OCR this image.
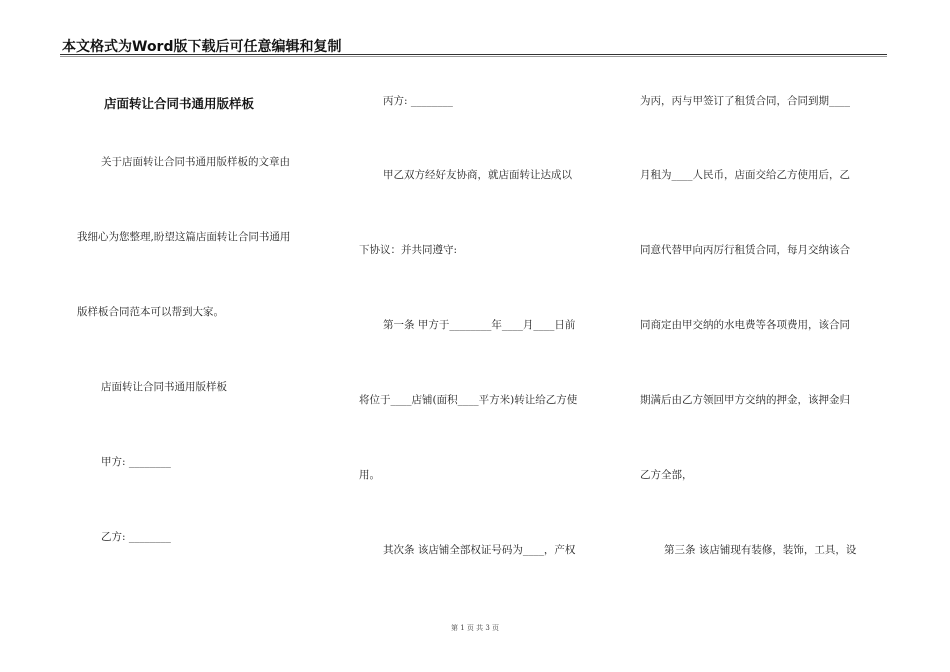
本文格式为Word版下载后可任意编辑和复制
店面转让合同书通用版样板
关于店面转让合同书通用版样板的文章由
我细心为您整理,盼望这篇店面转让合同书通用
版样板合同范本可以帮到大家。
店面转让合同书通用版样板
甲方: ________
乙方: ________
丙方: ________
甲乙双方经好友协商，就店面转让达成以
下协议：并共同遵守:
第一条 甲方于________年____月____日前
将位于____店铺(面积____平方米)转让给乙方使
用。
其次条 该店铺全部权证号码为____，产权
为丙，丙与甲签订了租赁合同，合同到期____
月租为____人民币，店面交给乙方使用后，乙
同意代替甲向丙厉行租赁合同，每月交纳该合
同商定由甲交纳的水电费等各项费用，该合同
期满后由乙方领回甲方交纳的押金，该押金归
乙方全部，
第三条 该店铺现有装修，装饰，工具，设
第 1 页 共 3 页
